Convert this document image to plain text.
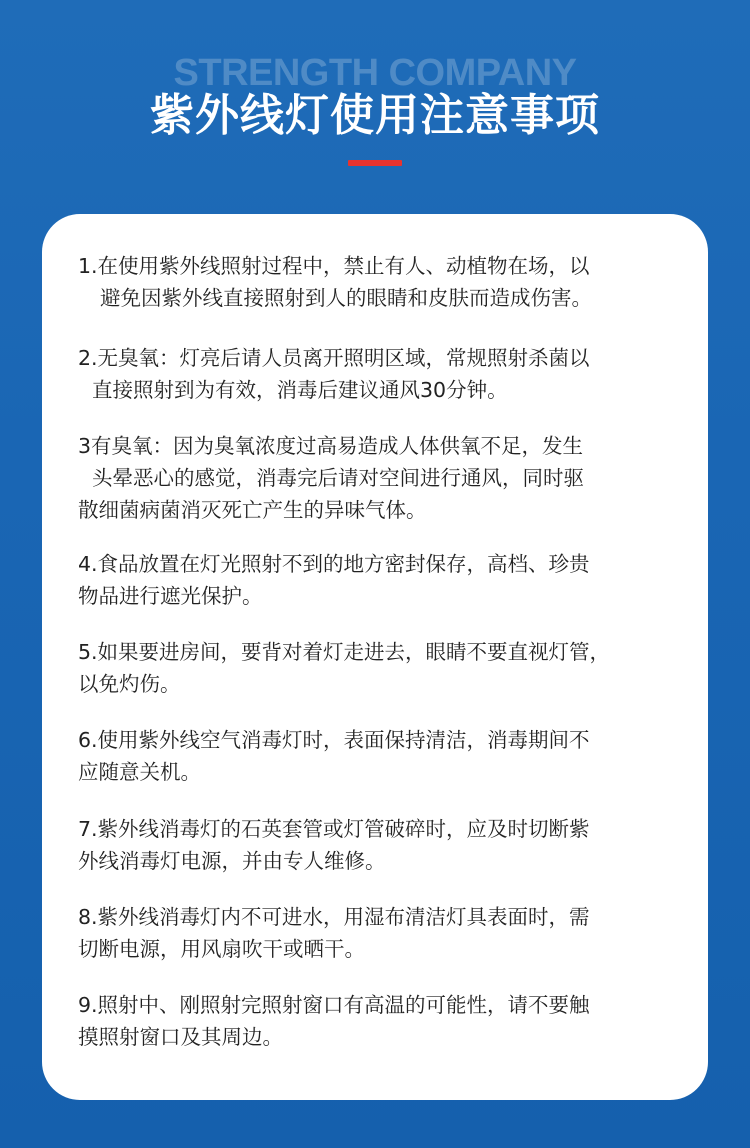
STRENGTH COMPANY
紫外线灯使用注意事项
1.在使用紫外线照射过程中，禁止有人、动植物在场，以
避免因紫外线直接照射到人的眼睛和皮肤而造成伤害。
2.无臭氧：灯亮后请人员离开照明区域，常规照射杀菌以
直接照射到为有效，消毒后建议通风30分钟。
3有臭氧：因为臭氧浓度过高易造成人体供氧不足，发生
头晕恶心的感觉，消毒完后请对空间进行通风，同时驱
散细菌病菌消灭死亡产生的异味气体。
4.食品放置在灯光照射不到的地方密封保存，高档、珍贵
物品进行遮光保护。
5.如果要进房间，要背对着灯走进去，眼睛不要直视灯管，
以免灼伤。
6.使用紫外线空气消毒灯时，表面保持清洁，消毒期间不
应随意关机。
7.紫外线消毒灯的石英套管或灯管破碎时，应及时切断紫
外线消毒灯电源，并由专人维修。
8.紫外线消毒灯内不可进水，用湿布清洁灯具表面时，需
切断电源，用风扇吹干或晒干。
9.照射中、刚照射完照射窗口有高温的可能性，请不要触
摸照射窗口及其周边。
